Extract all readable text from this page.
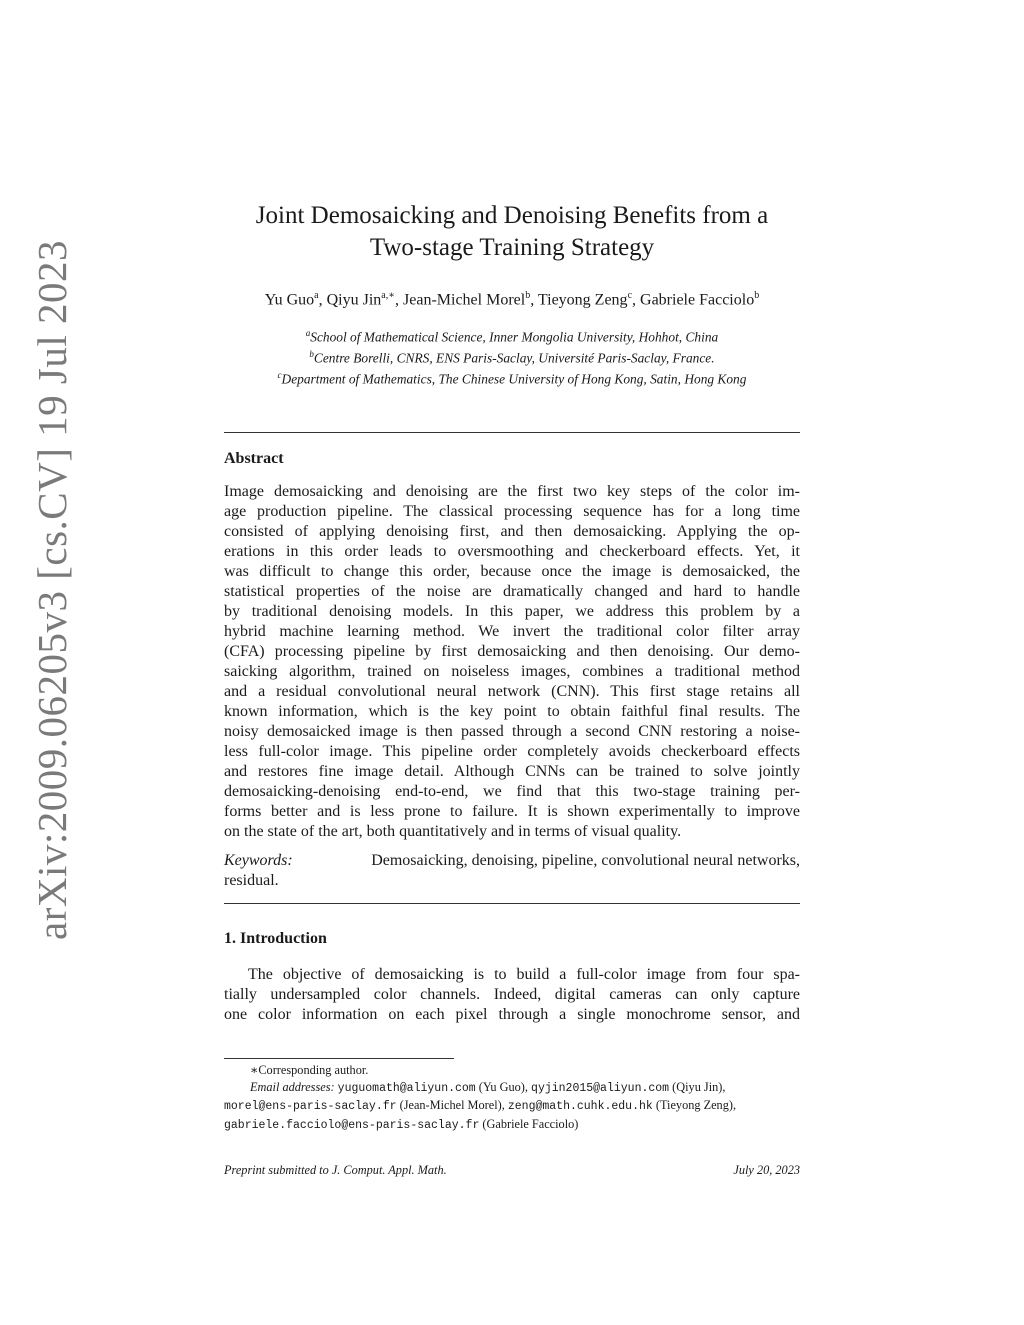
arXiv:2009.06205v3 [cs.CV] 19 Jul 2023
Joint Demosaicking and Denoising Benefits from a
Two-stage Training Strategy
Yu Guo$^a$, Qiyu Jin$^{a,∗}$, Jean-Michel Morel$^b$, Tieyong Zeng$^c$, Gabriele Facciolo$^b$
$^a$School of Mathematical Science, Inner Mongolia University, Hohhot, China
$^b$Centre Borelli, CNRS, ENS Paris-Saclay, Université Paris-Saclay, France.
$^c$Department of Mathematics, The Chinese University of Hong Kong, Satin, Hong Kong
Abstract
Image demosaicking and denoising are the first two key steps of the color im-
age production pipeline. The classical processing sequence has for a long time
consisted of applying denoising first, and then demosaicking. Applying the op-
erations in this order leads to oversmoothing and checkerboard effects. Yet, it
was difficult to change this order, because once the image is demosaicked, the
statistical properties of the noise are dramatically changed and hard to handle
by traditional denoising models. In this paper, we address this problem by a
hybrid machine learning method. We invert the traditional color filter array
(CFA) processing pipeline by first demosaicking and then denoising. Our demo-
saicking algorithm, trained on noiseless images, combines a traditional method
and a residual convolutional neural network (CNN). This first stage retains all
known information, which is the key point to obtain faithful final results. The
noisy demosaicked image is then passed through a second CNN restoring a noise-
less full-color image. This pipeline order completely avoids checkerboard effects
and restores fine image detail. Although CNNs can be trained to solve jointly
demosaicking-denoising end-to-end, we find that this two-stage training per-
forms better and is less prone to failure. It is shown experimentally to improve
on the state of the art, both quantitatively and in terms of visual quality.
Keywords:	Demosaicking, denoising, pipeline, convolutional neural networks,
residual.
1. Introduction
The objective of demosaicking is to build a full-color image from four spa-
tially undersampled color channels. Indeed, digital cameras can only capture
one color information on each pixel through a single monochrome sensor, and
∗Corresponding author.
Email addresses: yuguomath@aliyun.com (Yu Guo), qyjin2015@aliyun.com (Qiyu Jin),
morel@ens-paris-saclay.fr (Jean-Michel Morel), zeng@math.cuhk.edu.hk (Tieyong Zeng),
gabriele.facciolo@ens-paris-saclay.fr (Gabriele Facciolo)
Preprint submitted to J. Comput. Appl. Math.	July 20, 2023
